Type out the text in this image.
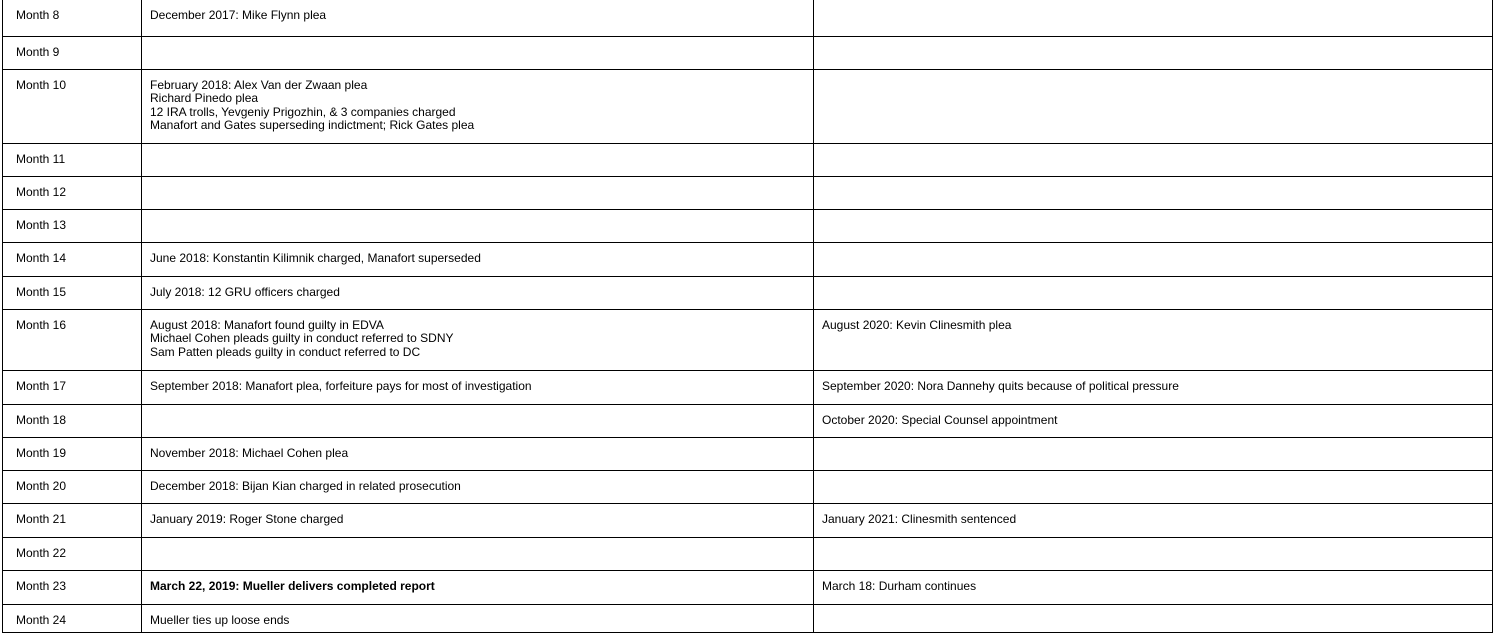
Month 8	December 2017: Mike Flynn plea	

Month 9		
Month 10	February 2018: Alex Van der Zwaan plea
Richard Pinedo plea
12 IRA trolls, Yevgeniy Prigozhin, & 3 companies charged
Manafort and Gates superseding indictment; Rick Gates plea	

Month 11		
Month 12		
Month 13		
Month 14	June 2018: Konstantin Kilimnik charged, Manafort superseded	

Month 15	July 2018: 12 GRU officers charged	

Month 16	August 2018: Manafort found guilty in EDVA
Michael Cohen pleads guilty in conduct referred to SDNY
Sam Patten pleads guilty in conduct referred to DC	August 2020: Kevin Clinesmith plea

Month 17	September 2018: Manafort plea, forfeiture pays for most of investigation	September 2020: Nora Dannehy quits because of political pressure

Month 18		October 2020: Special Counsel appointment

Month 19	November 2018: Michael Cohen plea	

Month 20	December 2018: Bijan Kian charged in related prosecution	

Month 21	January 2019: Roger Stone charged	January 2021: Clinesmith sentenced

Month 22		
Month 23	March 22, 2019: Mueller delivers completed report	March 18: Durham continues

Month 24	Mueller ties up loose ends	
